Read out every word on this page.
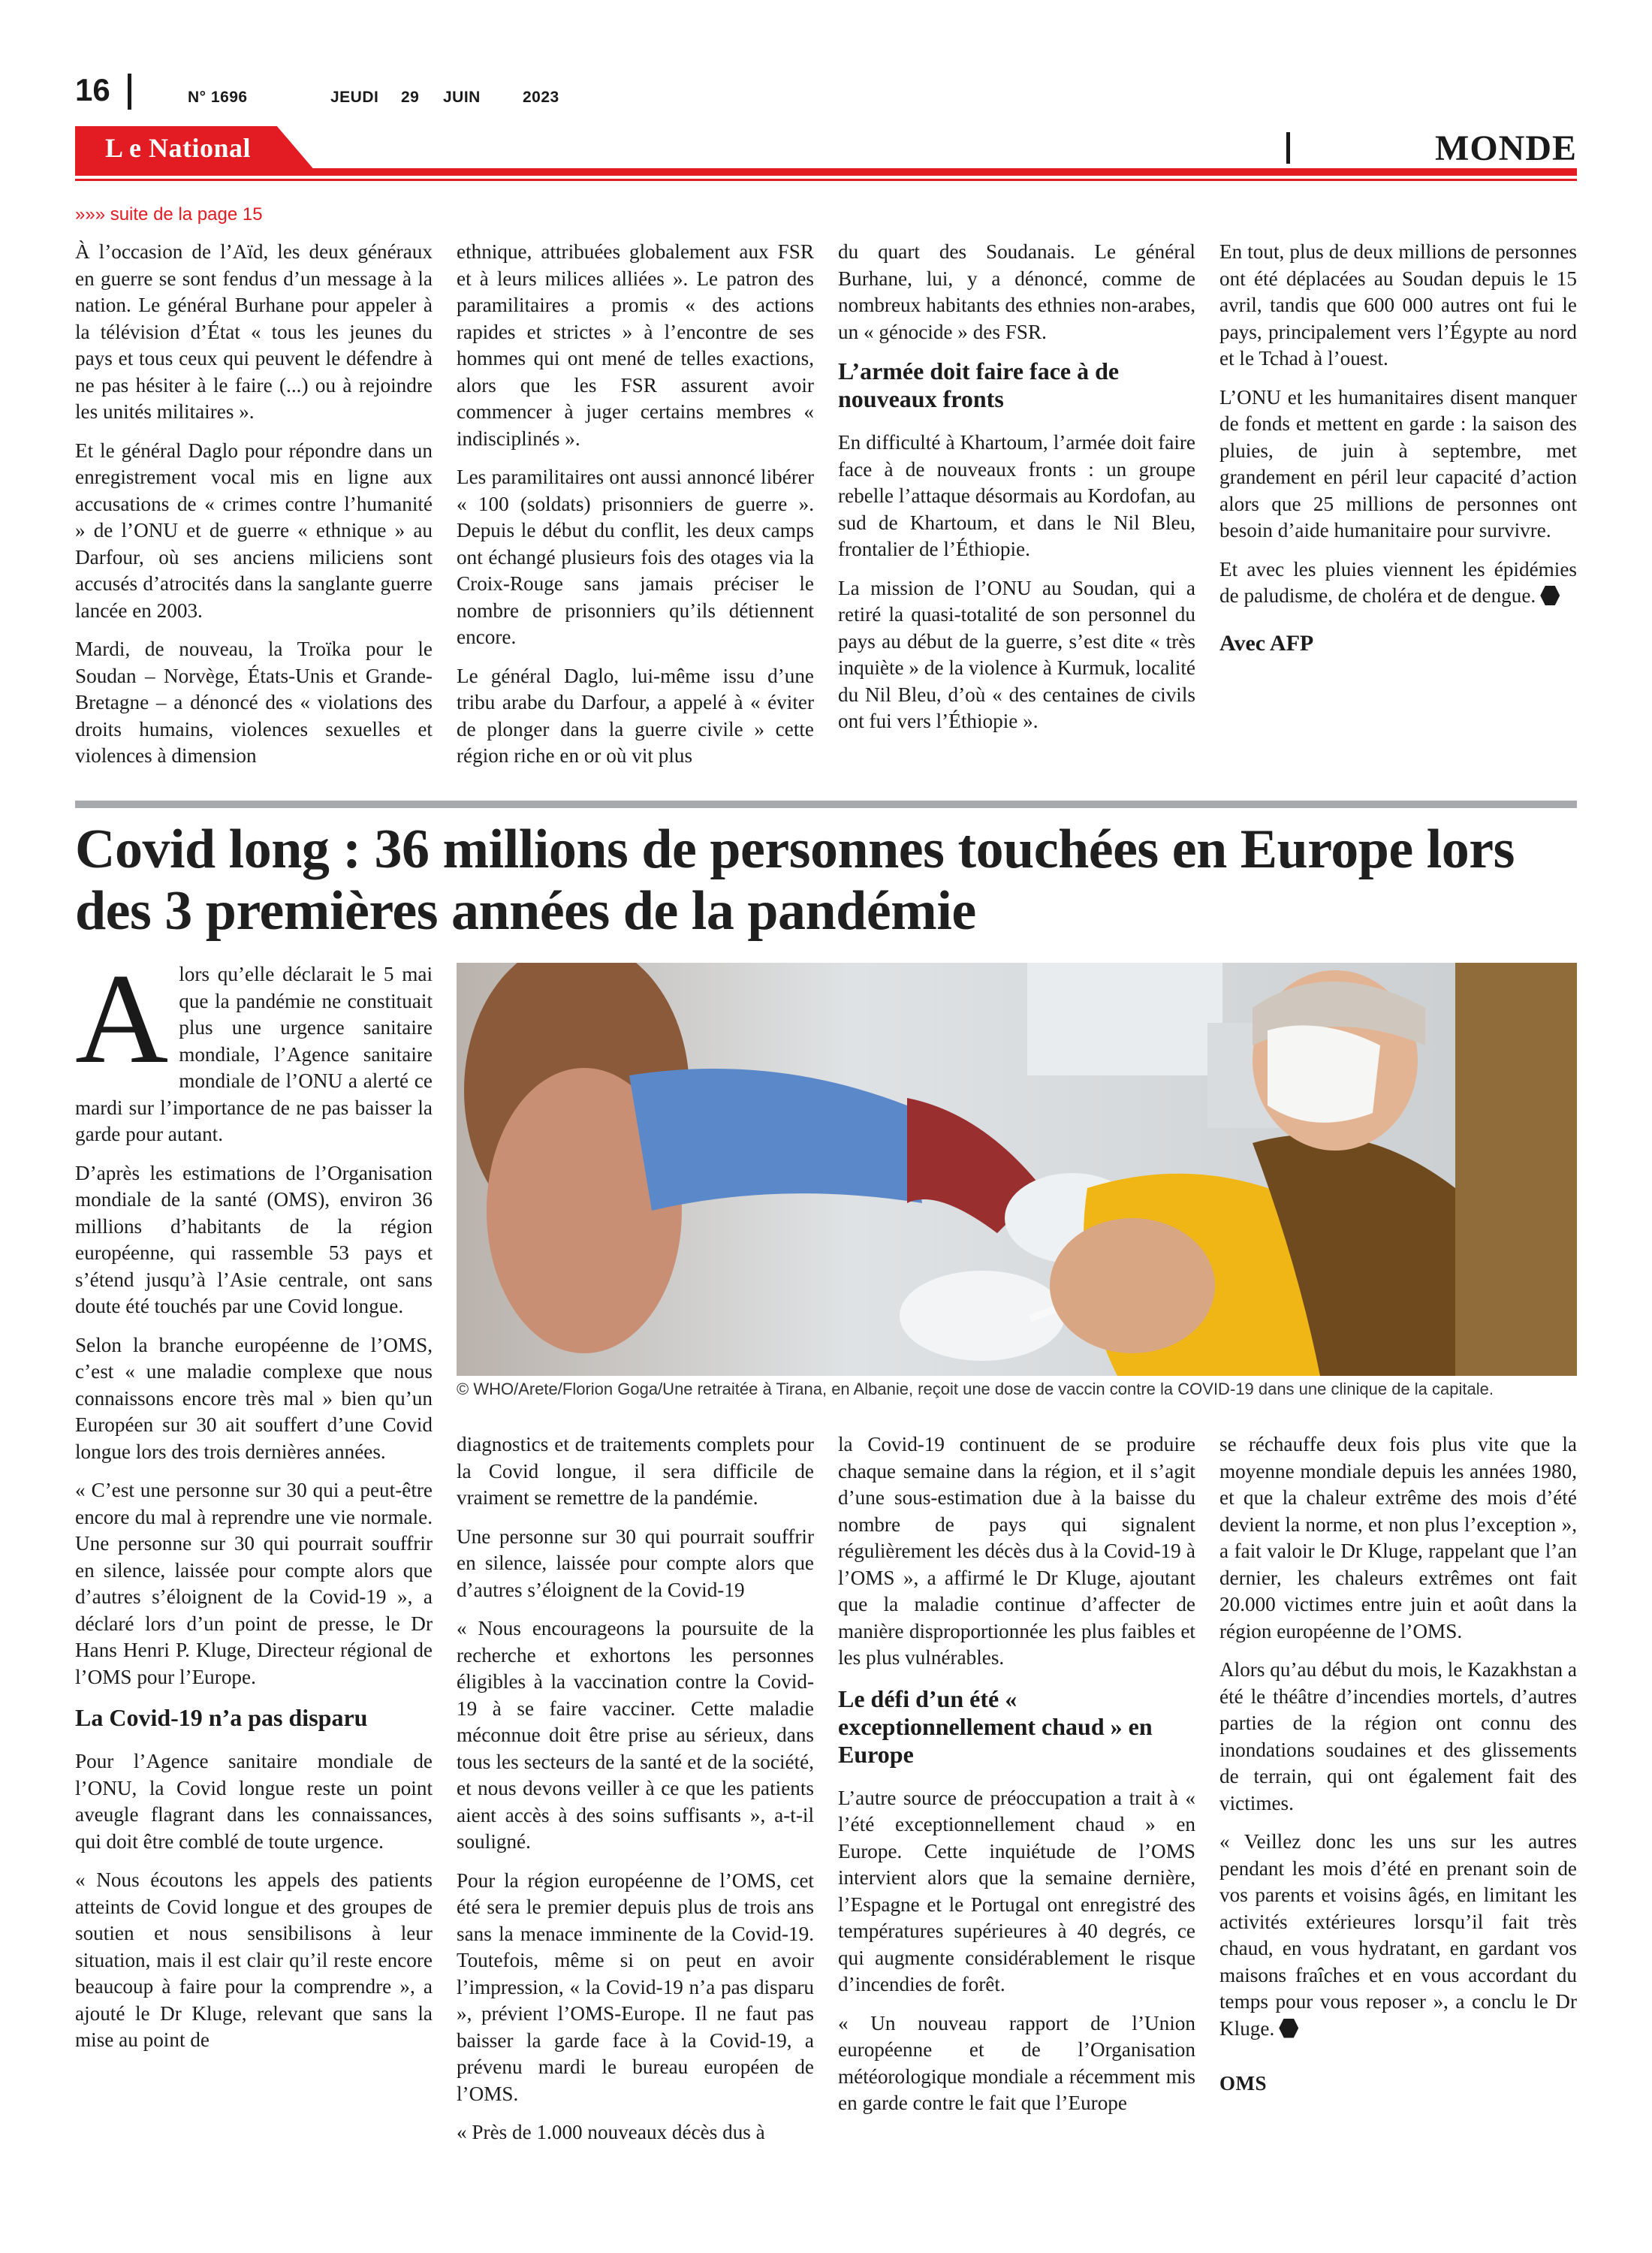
16	N° 1696	JEUDI 29 JUIN	2023
L e National	MONDE
»»» suite de la page 15

À l’occasion de l’Aïd, les deux généraux en guerre se sont fendus d’un message à la nation. Le général Burhane pour appeler à la télévision d’État « tous les jeunes du pays et tous ceux qui peuvent le défendre à ne pas hésiter à le faire (...) ou à rejoindre les unités militaires ».

Et le général Daglo pour répondre dans un enregistrement vocal mis en ligne aux accusations de « crimes contre l’humanité » de l’ONU et de guerre « ethnique » au Darfour, où ses anciens miliciens sont accusés d’atrocités dans la sanglante guerre lancée en 2003.

Mardi, de nouveau, la Troïka pour le Soudan – Norvège, États-Unis et Grande-Bretagne – a dénoncé des « violations des droits humains, violences sexuelles et violences à dimension

ethnique, attribuées globalement aux FSR et à leurs milices alliées ». Le patron des paramilitaires a promis « des actions rapides et strictes » à l’encontre de ses hommes qui ont mené de telles exactions, alors que les FSR assurent avoir commencer à juger certains membres « indisciplinés ».

Les paramilitaires ont aussi annoncé libérer « 100 (soldats) prisonniers de guerre ». Depuis le début du conflit, les deux camps ont échangé plusieurs fois des otages via la Croix-Rouge sans jamais préciser le nombre de prisonniers qu’ils détiennent encore.

Le général Daglo, lui-même issu d’une tribu arabe du Darfour, a appelé à « éviter de plonger dans la guerre civile » cette région riche en or où vit plus

du quart des Soudanais. Le général Burhane, lui, y a dénoncé, comme de nombreux habitants des ethnies non-arabes, un « génocide » des FSR.

L’armée doit faire face à de nouveaux fronts

En difficulté à Khartoum, l’armée doit faire face à de nouveaux fronts : un groupe rebelle l’attaque désormais au Kordofan, au sud de Khartoum, et dans le Nil Bleu, frontalier de l’Éthiopie.

La mission de l’ONU au Soudan, qui a retiré la quasi-totalité de son personnel du pays au début de la guerre, s’est dite « très inquiète » de la violence à Kurmuk, localité du Nil Bleu, d’où « des centaines de civils ont fui vers l’Éthiopie ».

En tout, plus de deux millions de personnes ont été déplacées au Soudan depuis le 15 avril, tandis que 600 000 autres ont fui le pays, principalement vers l’Égypte au nord et le Tchad à l’ouest.

L’ONU et les humanitaires disent manquer de fonds et mettent en garde : la saison des pluies, de juin à septembre, met grandement en péril leur capacité d’action alors que 25 millions de personnes ont besoin d’aide humanitaire pour survivre.

Et avec les pluies viennent les épidémies de paludisme, de choléra et de dengue.

Avec AFP
Covid long : 36 millions de personnes touchées en Europe lors des 3 premières années de la pandémie
© WHO/Arete/Florion Goga/Une retraitée à Tirana, en Albanie, reçoit une dose de vaccin contre la COVID-19 dans une clinique de la capitale.

Alors qu’elle déclarait le 5 mai que la pandémie ne constituait plus une urgence sanitaire mondiale, l’Agence sanitaire mondiale de l’ONU a alerté ce mardi sur l’importance de ne pas baisser la garde pour autant.

D’après les estimations de l’Organisation mondiale de la santé (OMS), environ 36 millions d’habitants de la région européenne, qui rassemble 53 pays et s’étend jusqu’à l’Asie centrale, ont sans doute été touchés par une Covid longue.

Selon la branche européenne de l’OMS, c’est « une maladie complexe que nous connaissons encore très mal » bien qu’un Européen sur 30 ait souffert d’une Covid longue lors des trois dernières années.

« C’est une personne sur 30 qui a peut-être encore du mal à reprendre une vie normale. Une personne sur 30 qui pourrait souffrir en silence, laissée pour compte alors que d’autres s’éloignent de la Covid-19 », a déclaré lors d’un point de presse, le Dr Hans Henri P. Kluge, Directeur régional de l’OMS pour l’Europe.

La Covid-19 n’a pas disparu

Pour l’Agence sanitaire mondiale de l’ONU, la Covid longue reste un point aveugle flagrant dans les connaissances, qui doit être comblé de toute urgence.

« Nous écoutons les appels des patients atteints de Covid longue et des groupes de soutien et nous sensibilisons à leur situation, mais il est clair qu’il reste encore beaucoup à faire pour la comprendre », a ajouté le Dr Kluge, relevant que sans la mise au point de

diagnostics et de traitements complets pour la Covid longue, il sera difficile de vraiment se remettre de la pandémie.

Une personne sur 30 qui pourrait souffrir en silence, laissée pour compte alors que d’autres s’éloignent de la Covid-19

« Nous encourageons la poursuite de la recherche et exhortons les personnes éligibles à la vaccination contre la Covid-19 à se faire vacciner. Cette maladie méconnue doit être prise au sérieux, dans tous les secteurs de la santé et de la société, et nous devons veiller à ce que les patients aient accès à des soins suffisants », a-t-il souligné.

Pour la région européenne de l’OMS, cet été sera le premier depuis plus de trois ans sans la menace imminente de la Covid-19. Toutefois, même si on peut en avoir l’impression, « la Covid-19 n’a pas disparu », prévient l’OMS-Europe. Il ne faut pas baisser la garde face à la Covid-19, a prévenu mardi le bureau européen de l’OMS.

« Près de 1.000 nouveaux décès dus à

la Covid-19 continuent de se produire chaque semaine dans la région, et il s’agit d’une sous-estimation due à la baisse du nombre de pays qui signalent régulièrement les décès dus à la Covid-19 à l’OMS », a affirmé le Dr Kluge, ajoutant que la maladie continue d’affecter de manière disproportionnée les plus faibles et les plus vulnérables.

Le défi d’un été « exceptionnellement chaud » en Europe

L’autre source de préoccupation a trait à « l’été exceptionnellement chaud » en Europe. Cette inquiétude de l’OMS intervient alors que la semaine dernière, l’Espagne et le Portugal ont enregistré des températures supérieures à 40 degrés, ce qui augmente considérablement le risque d’incendies de forêt.

« Un nouveau rapport de l’Union européenne et de l’Organisation météorologique mondiale a récemment mis en garde contre le fait que l’Europe

se réchauffe deux fois plus vite que la moyenne mondiale depuis les années 1980, et que la chaleur extrême des mois d’été devient la norme, et non plus l’exception », a fait valoir le Dr Kluge, rappelant que l’an dernier, les chaleurs extrêmes ont fait 20.000 victimes entre juin et août dans la région européenne de l’OMS.

Alors qu’au début du mois, le Kazakhstan a été le théâtre d’incendies mortels, d’autres parties de la région ont connu des inondations soudaines et des glissements de terrain, qui ont également fait des victimes.

« Veillez donc les uns sur les autres pendant les mois d’été en prenant soin de vos parents et voisins âgés, en limitant les activités extérieures lorsqu’il fait très chaud, en vous hydratant, en gardant vos maisons fraîches et en vous accordant du temps pour vous reposer », a conclu le Dr Kluge.

OMS
